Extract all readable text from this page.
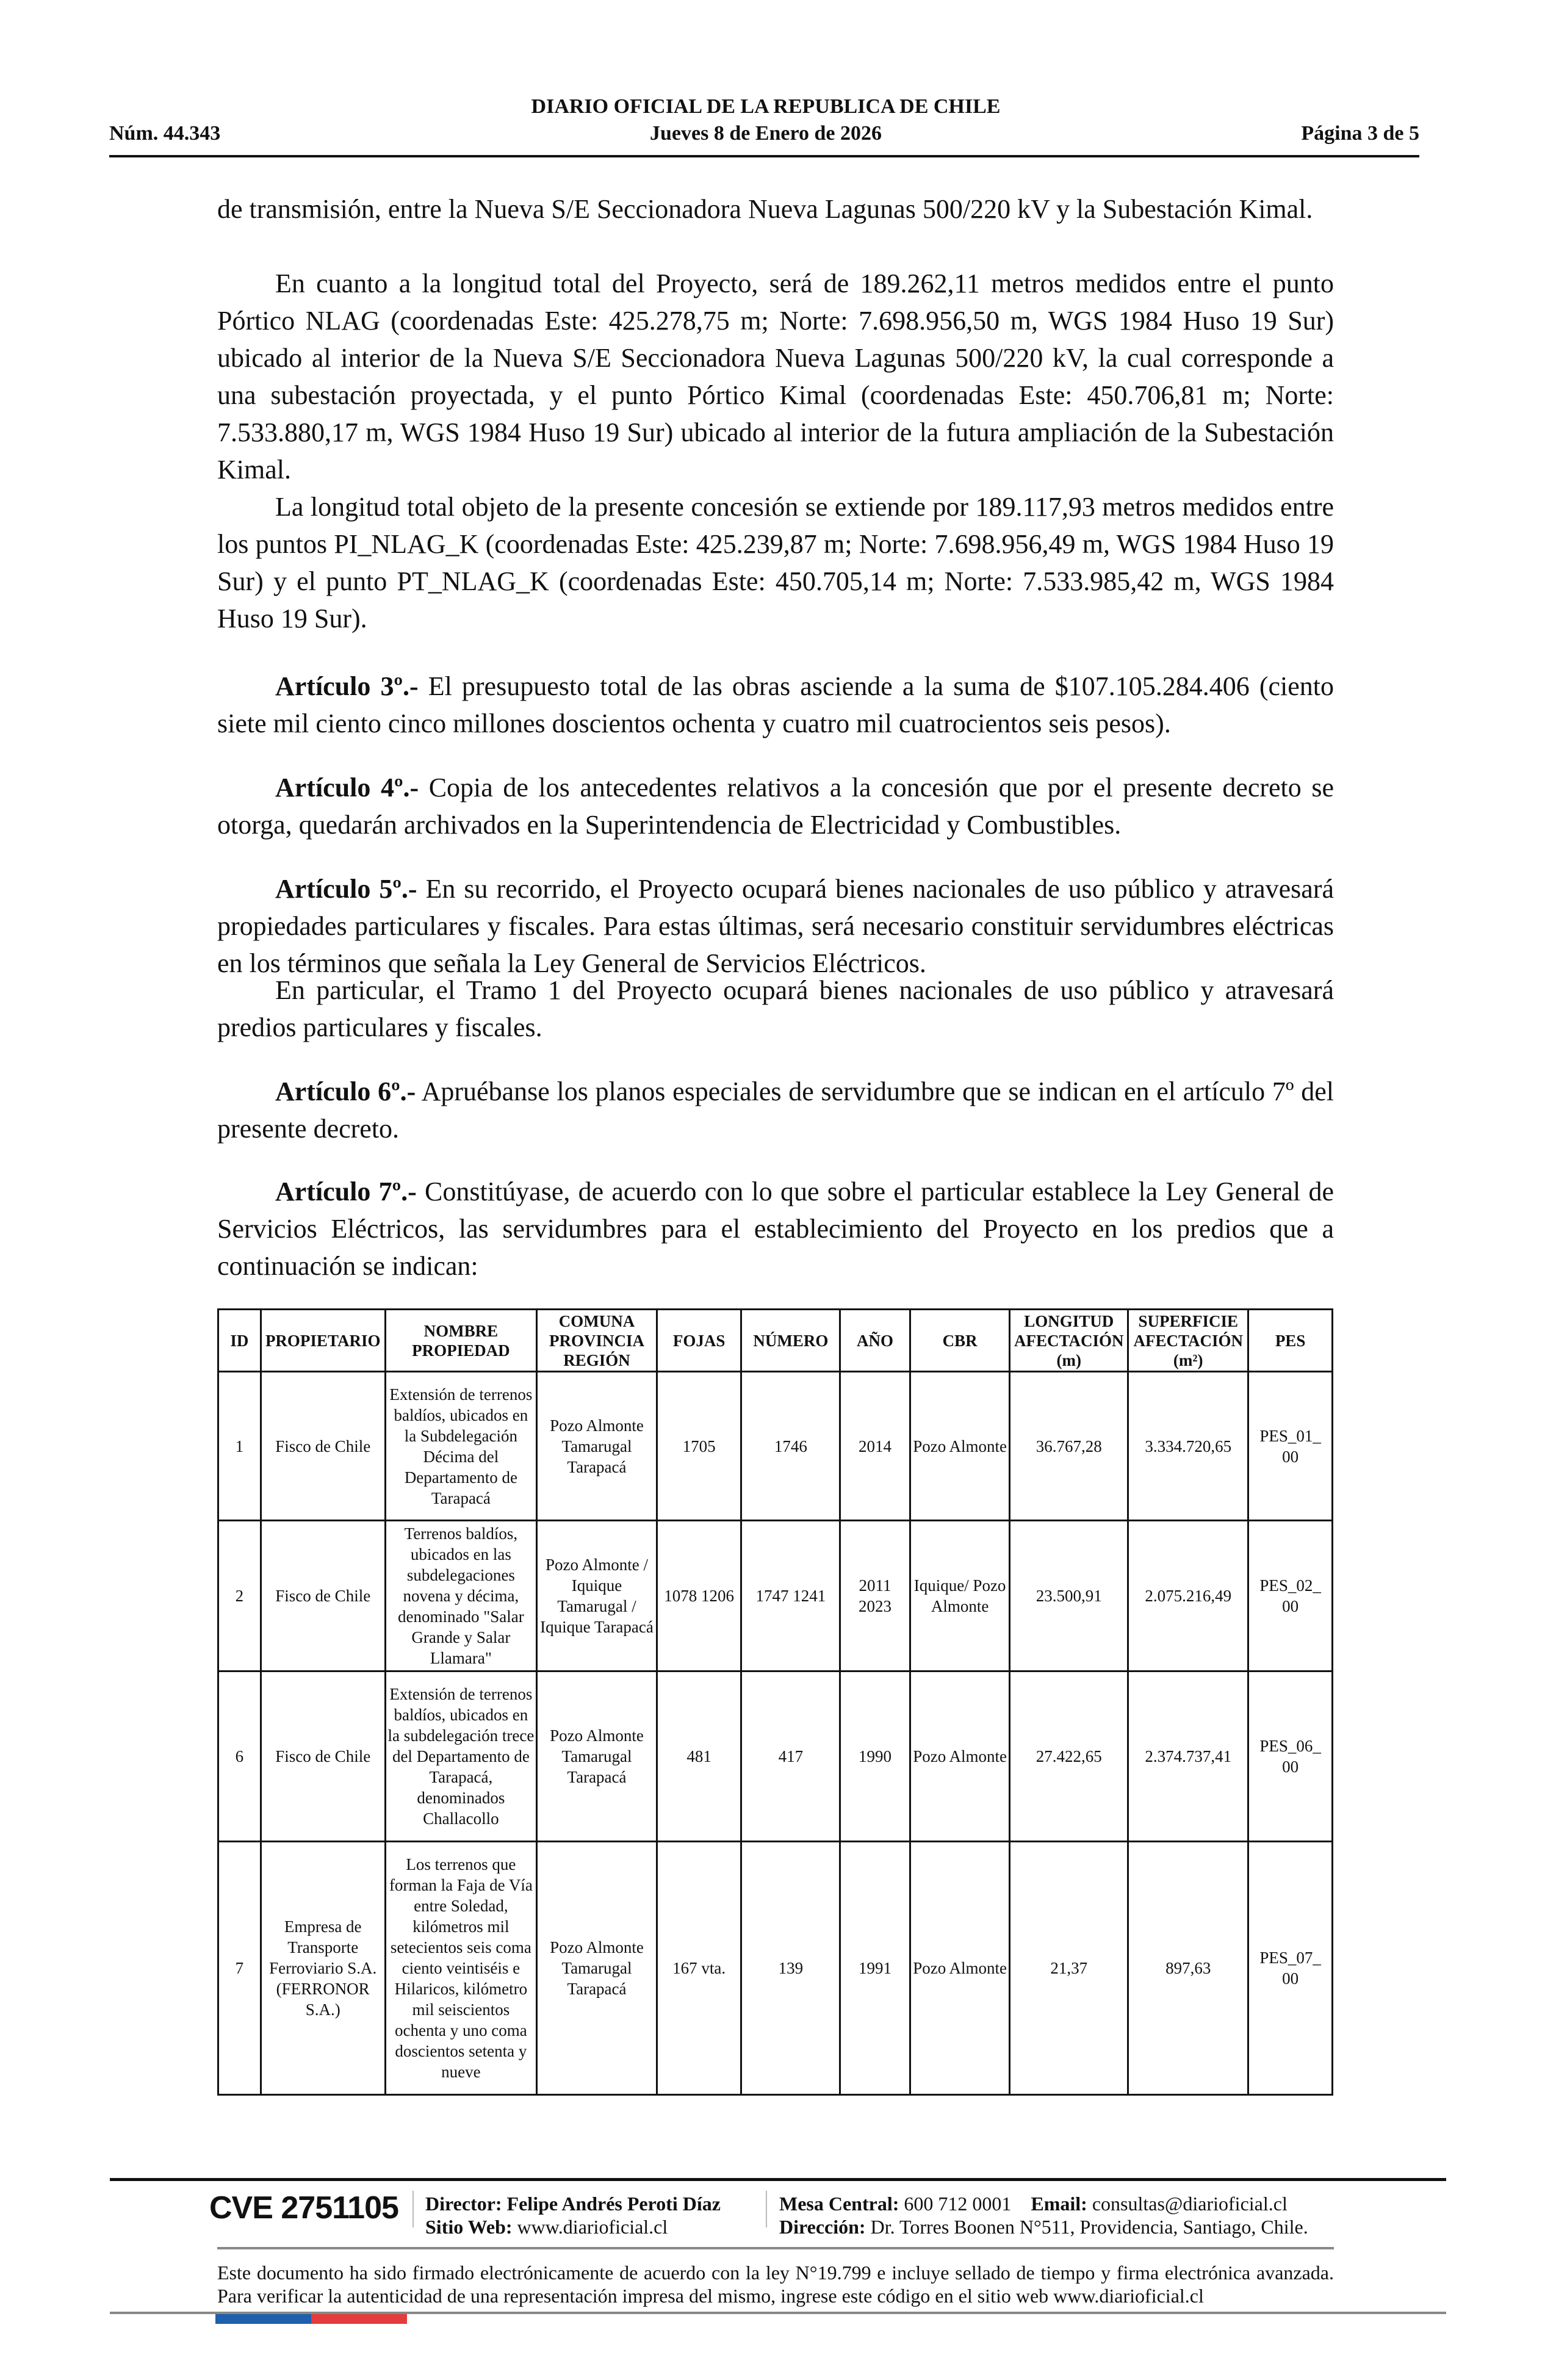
DIARIO OFICIAL DE LA REPUBLICA DE CHILE
Núm. 44.343	Jueves 8 de Enero de 2026	Página 3 de 5
de transmisión, entre la Nueva S/E Seccionadora Nueva Lagunas 500/220 kV y la Subestación Kimal.
En cuanto a la longitud total del Proyecto, será de 189.262,11 metros medidos entre el punto Pórtico NLAG (coordenadas Este: 425.278,75 m; Norte: 7.698.956,50 m, WGS 1984 Huso 19 Sur) ubicado al interior de la Nueva S/E Seccionadora Nueva Lagunas 500/220 kV, la cual corresponde a una subestación proyectada, y el punto Pórtico Kimal (coordenadas Este: 450.706,81 m; Norte: 7.533.880,17 m, WGS 1984 Huso 19 Sur) ubicado al interior de la futura ampliación de la Subestación Kimal.
La longitud total objeto de la presente concesión se extiende por 189.117,93 metros medidos entre los puntos PI_NLAG_K (coordenadas Este: 425.239,87 m; Norte: 7.698.956,49 m, WGS 1984 Huso 19 Sur) y el punto PT_NLAG_K (coordenadas Este: 450.705,14 m; Norte: 7.533.985,42 m, WGS 1984 Huso 19 Sur).
Artículo 3º.- El presupuesto total de las obras asciende a la suma de $107.105.284.406 (ciento siete mil ciento cinco millones doscientos ochenta y cuatro mil cuatrocientos seis pesos).
Artículo 4º.- Copia de los antecedentes relativos a la concesión que por el presente decreto se otorga, quedarán archivados en la Superintendencia de Electricidad y Combustibles.
Artículo 5º.- En su recorrido, el Proyecto ocupará bienes nacionales de uso público y atravesará propiedades particulares y fiscales. Para estas últimas, será necesario constituir servidumbres eléctricas en los términos que señala la Ley General de Servicios Eléctricos.
En particular, el Tramo 1 del Proyecto ocupará bienes nacionales de uso público y atravesará predios particulares y fiscales.
Artículo 6º.- Apruébanse los planos especiales de servidumbre que se indican en el artículo 7º del presente decreto.
Artículo 7º.- Constitúyase, de acuerdo con lo que sobre el particular establece la Ley General de Servicios Eléctricos, las servidumbres para el establecimiento del Proyecto en los predios que a continuación se indican:
ID	PROPIETARIO	NOMBRE PROPIEDAD	COMUNA PROVINCIA REGIÓN	FOJAS	NÚMERO	AÑO	CBR	LONGITUD AFECTACIÓN (m)	SUPERFICIE AFECTACIÓN (m²)	PES
1	Fisco de Chile	Extensión de terrenos baldíos, ubicados en la Subdelegación Décima del Departamento de Tarapacá	Pozo Almonte Tamarugal Tarapacá	1705	1746	2014	Pozo Almonte	36.767,28	3.334.720,65	PES_01_ 00
2	Fisco de Chile	Terrenos baldíos, ubicados en las subdelegaciones novena y décima, denominado "Salar Grande y Salar Llamara"	Pozo Almonte / Iquique Tamarugal / Iquique Tarapacá	1078 1206	1747 1241	2011 2023	Iquique/ Pozo Almonte	23.500,91	2.075.216,49	PES_02_ 00
6	Fisco de Chile	Extensión de terrenos baldíos, ubicados en la subdelegación trece del Departamento de Tarapacá, denominados Challacollo	Pozo Almonte Tamarugal Tarapacá	481	417	1990	Pozo Almonte	27.422,65	2.374.737,41	PES_06_ 00
7	Empresa de Transporte Ferroviario S.A. (FERRONOR S.A.)	Los terrenos que forman la Faja de Vía entre Soledad, kilómetros mil setecientos seis coma ciento veintiséis e Hilaricos, kilómetro mil seiscientos ochenta y uno coma doscientos setenta y nueve	Pozo Almonte Tamarugal Tarapacá	167 vta.	139	1991	Pozo Almonte	21,37	897,63	PES_07_ 00
CVE 2751105 Director: Felipe Andrés Peroti Díaz
Sitio Web: www.diarioficial.cl
Mesa Central: 600 712 0001 Email: consultas@diarioficial.cl
Dirección: Dr. Torres Boonen N°511, Providencia, Santiago, Chile.
Este documento ha sido firmado electrónicamente de acuerdo con la ley N°19.799 e incluye sellado de tiempo y firma electrónica avanzada. Para verificar la autenticidad de una representación impresa del mismo, ingrese este código en el sitio web www.diarioficial.cl
